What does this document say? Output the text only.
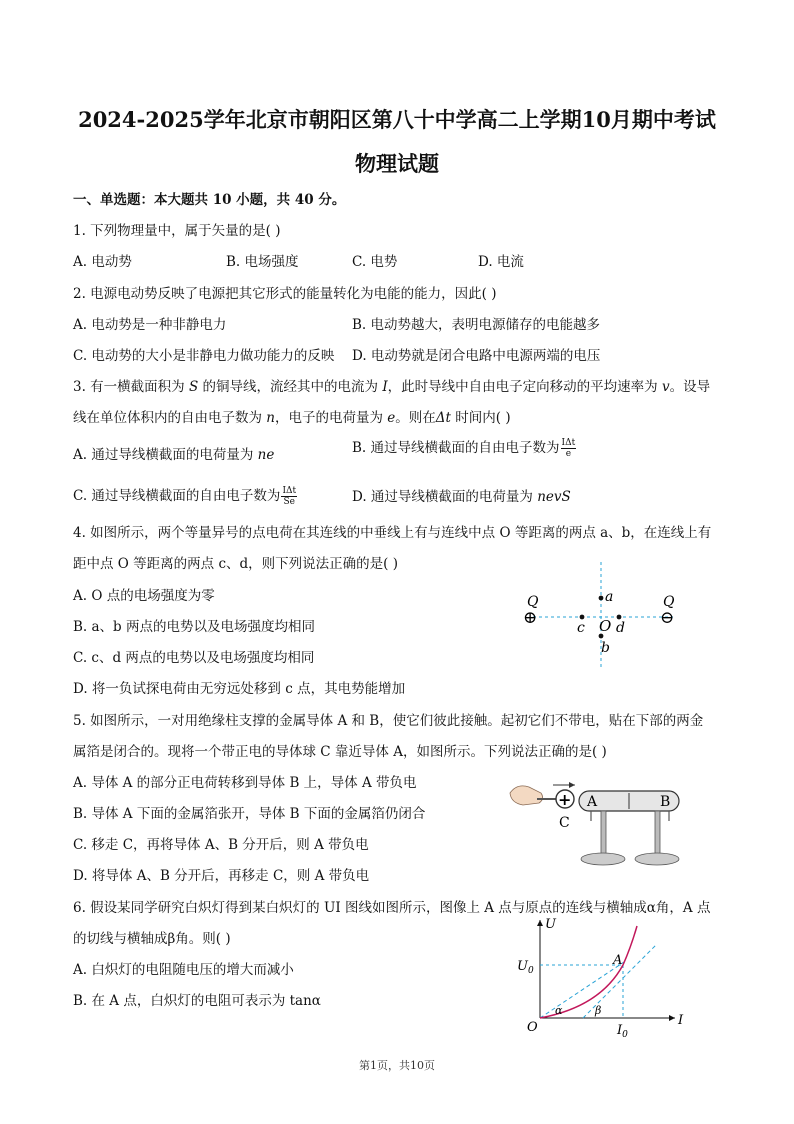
2024-2025学年北京市朝阳区第八十中学高二上学期10月期中考试
物理试题
一、单选题：本大题共 10 小题，共 40 分。
1. 下列物理量中，属于矢量的是( )
A. 电动势	B. 电场强度	C. 电势	D. 电流
2. 电源电动势反映了电源把其它形式的能量转化为电能的能力，因此( )
A. 电动势是一种非静电力	B. 电动势越大，表明电源储存的电能越多
C. 电动势的大小是非静电力做功能力的反映 D. 电动势就是闭合电路中电源两端的电压
3. 有一横截面积为 S 的铜导线，流经其中的电流为 I，此时导线中自由电子定向移动的平均速率为 v。设导
线在单位体积内的自由电子数为 n，电子的电荷量为 e。则在Δt 时间内( )
A. 通过导线横截面的电荷量为 ne	B. 通过导线横截面的自由电子数为 $\frac{\text{IΔt}}{e}$
C. 通过导线横截面的自由电子数为 $\frac{\text{IΔt}}{Se}$	D. 通过导线横截面的电荷量为 nevS
4. 如图所示，两个等量异号的点电荷在其连线的中垂线上有与连线中点 O 等距离的两点 a、b，在连线上有
距中点 O 等距离的两点 c、d，则下列说法正确的是( )
A. O 点的电场强度为零
B. a、b 两点的电势以及电场强度均相同
C. c、d 两点的电势以及电场强度均相同
D. 将一负试探电荷由无穷远处移到 c 点，其电势能增加
Q	Q
⊕	⊖
a
b
c d
O
5. 如图所示，一对用绝缘柱支撑的金属导体 A 和 B，使它们彼此接触。起初它们不带电，贴在下部的两金
属箔是闭合的。现将一个带正电的导体球 C 靠近导体 A，如图所示。下列说法正确的是( )
A. 导体 A 的部分正电荷转移到导体 B 上，导体 A 带负电
B. 导体 A 下面的金属箔张开，导体 B 下面的金属箔仍闭合
C. 移走 C，再将导体 A、B 分开后，则 A 带负电
D. 将导体 A、B 分开后，再移走 C，则 A 带负电
+
C
A	B
6. 假设某同学研究白炽灯得到某白炽灯的 UI 图线如图所示，图像上 A 点与原点的连线与横轴成α角，A 点
的切线与横轴成β角。则( )
A. 白炽灯的电阻随电压的增大而减小
B. 在 A 点，白炽灯的电阻可表示为 tanα
U
I
O
A
$U_0$
$I_0$
α	β
第1页，共10页
